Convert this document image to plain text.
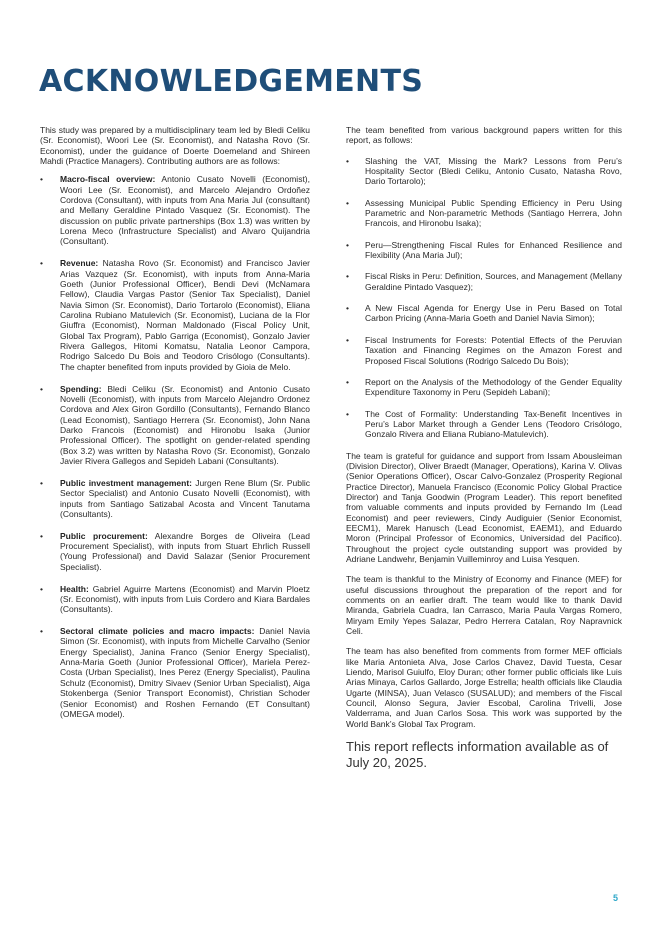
ACKNOWLEDGEMENTS

This study was prepared by a multidisciplinary team led by Bledi Celiku (Sr. Economist), Woori Lee (Sr. Economist), and Natasha Rovo (Sr. Economist), under the guidance of Doerte Doemeland and Shireen Mahdi (Practice Managers). Contributing authors are as follows:

• Macro-fiscal overview: Antonio Cusato Novelli (Economist), Woori Lee (Sr. Economist), and Marcelo Alejandro Ordoñez Cordova (Consultant), with inputs from Ana Maria Jul (consultant) and Mellany Geraldine Pintado Vasquez (Sr. Economist). The discussion on public private partnerships (Box 1.3) was written by Lorena Meco (Infrastructure Specialist) and Alvaro Quijandria (Consultant).
• Revenue: Natasha Rovo (Sr. Economist) and Francisco Javier Arias Vazquez (Sr. Economist), with inputs from Anna-Maria Goeth (Junior Professional Officer), Bendi Devi (McNamara Fellow), Claudia Vargas Pastor (Senior Tax Specialist), Daniel Navia Simon (Sr. Economist), Dario Tortarolo (Economist), Eliana Carolina Rubiano Matulevich (Sr. Economist), Luciana de la Flor Giuffra (Economist), Norman Maldonado (Fiscal Policy Unit, Global Tax Program), Pablo Garriga (Economist), Gonzalo Javier Rivera Gallegos, Hitomi Komatsu, Natalia Leonor Campora, Rodrigo Salcedo Du Bois and Teodoro Crisólogo (Consultants). The chapter benefited from inputs provided by Gioia de Melo.
• Spending: Bledi Celiku (Sr. Economist) and Antonio Cusato Novelli (Economist), with inputs from Marcelo Alejandro Ordonez Cordova and Alex Giron Gordillo (Consultants), Fernando Blanco (Lead Economist), Santiago Herrera (Sr. Economist), John Nana Darko Francois (Economist) and Hironobu Isaka (Junior Professional Officer). The spotlight on gender-related spending (Box 3.2) was written by Natasha Rovo (Sr. Economist), Gonzalo Javier Rivera Gallegos and Sepideh Labani (Consultants).
• Public investment management: Jurgen Rene Blum (Sr. Public Sector Specialist) and Antonio Cusato Novelli (Economist), with inputs from Santiago Satizabal Acosta and Vincent Tanutama (Consultants).
• Public procurement: Alexandre Borges de Oliveira (Lead Procurement Specialist), with inputs from Stuart Ehrlich Russell (Young Professional) and David Salazar (Senior Procurement Specialist).
• Health: Gabriel Aguirre Martens (Economist) and Marvin Ploetz (Sr. Economist), with inputs from Luis Cordero and Kiara Bardales (Consultants).
• Sectoral climate policies and macro impacts: Daniel Navia Simon (Sr. Economist), with inputs from Michelle Carvalho (Senior Energy Specialist), Janina Franco (Senior Energy Specialist), Anna-Maria Goeth (Junior Professional Officer), Mariela Perez-Costa (Urban Specialist), Ines Perez (Energy Specialist), Paulina Schulz (Economist), Dmitry Sivaev (Senior Urban Specialist), Aiga Stokenberga (Senior Transport Economist), Christian Schoder (Senior Economist) and Roshen Fernando (ET Consultant) (OMEGA model).

The team benefited from various background papers written for this report, as follows:

• Slashing the VAT, Missing the Mark? Lessons from Peru’s Hospitality Sector (Bledi Celiku, Antonio Cusato, Natasha Rovo, Dario Tortarolo);
• Assessing Municipal Public Spending Efficiency in Peru Using Parametric and Non-parametric Methods (Santiago Herrera, John Francois, and Hironobu Isaka);
• Peru—Strengthening Fiscal Rules for Enhanced Resilience and Flexibility (Ana Maria Jul);
• Fiscal Risks in Peru: Definition, Sources, and Management (Mellany Geraldine Pintado Vasquez);
• A New Fiscal Agenda for Energy Use in Peru Based on Total Carbon Pricing (Anna-Maria Goeth and Daniel Navia Simon);
• Fiscal Instruments for Forests: Potential Effects of the Peruvian Taxation and Financing Regimes on the Amazon Forest and Proposed Fiscal Solutions (Rodrigo Salcedo Du Bois);
• Report on the Analysis of the Methodology of the Gender Equality Expenditure Taxonomy in Peru (Sepideh Labani);
• The Cost of Formality: Understanding Tax-Benefit Incentives in Peru’s Labor Market through a Gender Lens (Teodoro Crisólogo, Gonzalo Rivera and Eliana Rubiano-Matulevich).

The team is grateful for guidance and support from Issam Abousleiman (Division Director), Oliver Braedt (Manager, Operations), Karina V. Olivas (Senior Operations Officer), Oscar Calvo-Gonzalez (Prosperity Regional Practice Director), Manuela Francisco (Economic Policy Global Practice Director) and Tanja Goodwin (Program Leader). This report benefited from valuable comments and inputs provided by Fernando Im (Lead Economist) and peer reviewers, Cindy Audiguier (Senior Economist, EECM1), Marek Hanusch (Lead Economist, EAEM1), and Eduardo Moron (Principal Professor of Economics, Universidad del Pacifico). Throughout the project cycle outstanding support was provided by Adriane Landwehr, Benjamin Vuilleminroy and Luisa Yesquen.

The team is thankful to the Ministry of Economy and Finance (MEF) for useful discussions throughout the preparation of the report and for comments on an earlier draft. The team would like to thank David Miranda, Gabriela Cuadra, Ian Carrasco, Maria Paula Vargas Romero, Miryam Emily Yepes Salazar, Pedro Herrera Catalan, Roy Napravnick Celi.

The team has also benefited from comments from former MEF officials like Maria Antonieta Alva, Jose Carlos Chavez, David Tuesta, Cesar Liendo, Marisol Guiulfo, Eloy Duran; other former public officials like Luis Arias Minaya, Carlos Gallardo, Jorge Estrella; health officials like Claudia Ugarte (MINSA), Juan Velasco (SUSALUD); and members of the Fiscal Council, Alonso Segura, Javier Escobal, Carolina Trivelli, Jose Valderrama, and Juan Carlos Sosa. This work was supported by the World Bank’s Global Tax Program.

This report reflects information available as of July 20, 2025.

5
